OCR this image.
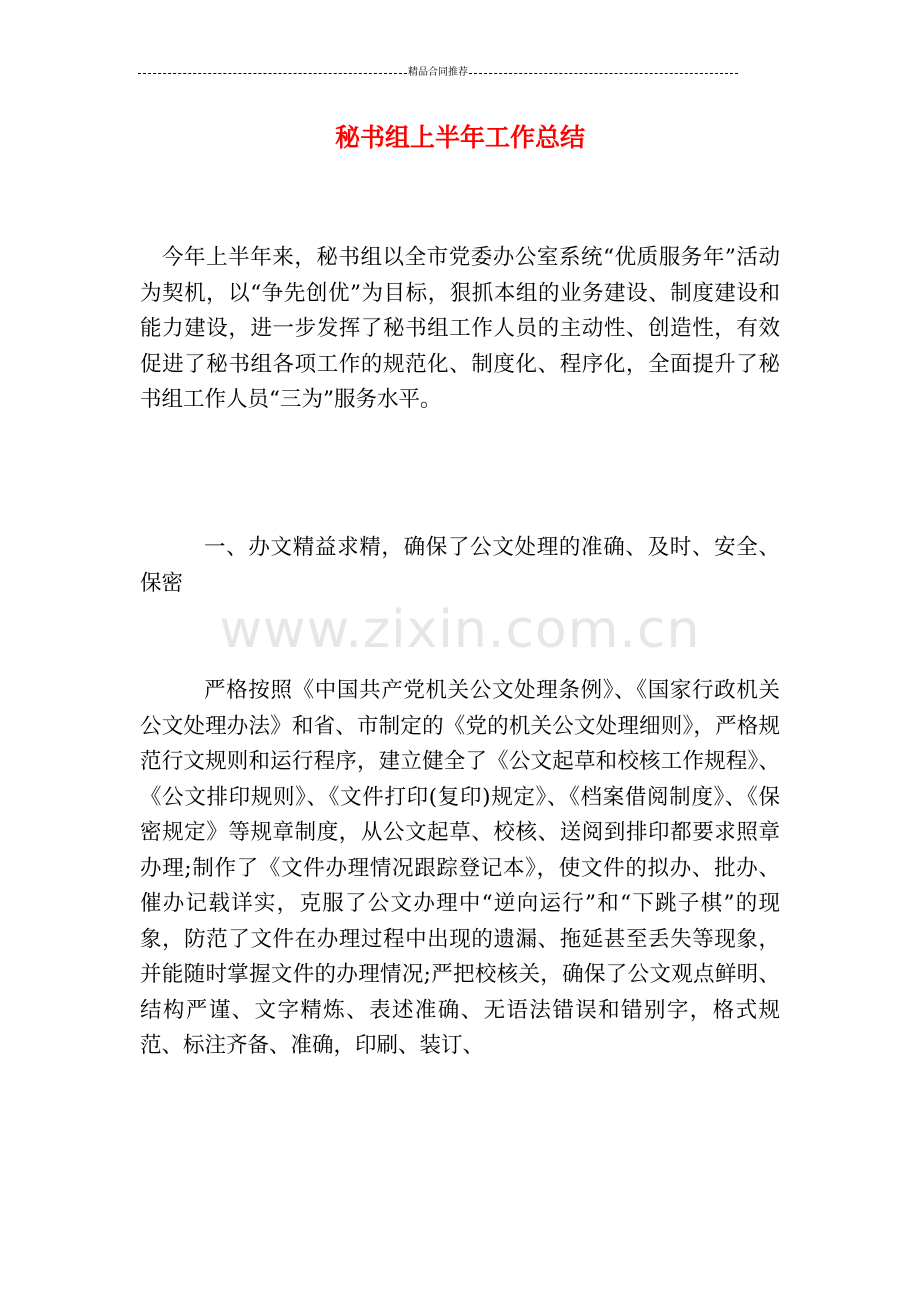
精品合同推荐
秘书组上半年工作总结

今年上半年来，秘书组以全市党委办公室系统“优质服务年”活动为契机，以“争先创优”为目标，狠抓本组的业务建设、制度建设和能力建设，进一步发挥了秘书组工作人员的主动性、创造性，有效促进了秘书组各项工作的规范化、制度化、程序化，全面提升了秘书组工作人员“三为”服务水平。

一、办文精益求精，确保了公文处理的准确、及时、安全、保密

www.zixin.com.cn

严格按照《中国共产党机关公文处理条例》、《国家行政机关公文处理办法》和省、市制定的《党的机关公文处理细则》，严格规范行文规则和运行程序，建立健全了《公文起草和校核工作规程》、《公文排印规则》、《文件打印(复印)规定》、《档案借阅制度》、《保密规定》等规章制度，从公文起草、校核、送阅到排印都要求照章办理;制作了《文件办理情况跟踪登记本》，使文件的拟办、批办、催办记载详实，克服了公文办理中“逆向运行”和“下跳子棋”的现象，防范了文件在办理过程中出现的遗漏、拖延甚至丢失等现象，并能随时掌握文件的办理情况;严把校核关，确保了公文观点鲜明、结构严谨、文字精炼、表述准确、无语法错误和错别字，格式规范、标注齐备、准确，印刷、装订、
